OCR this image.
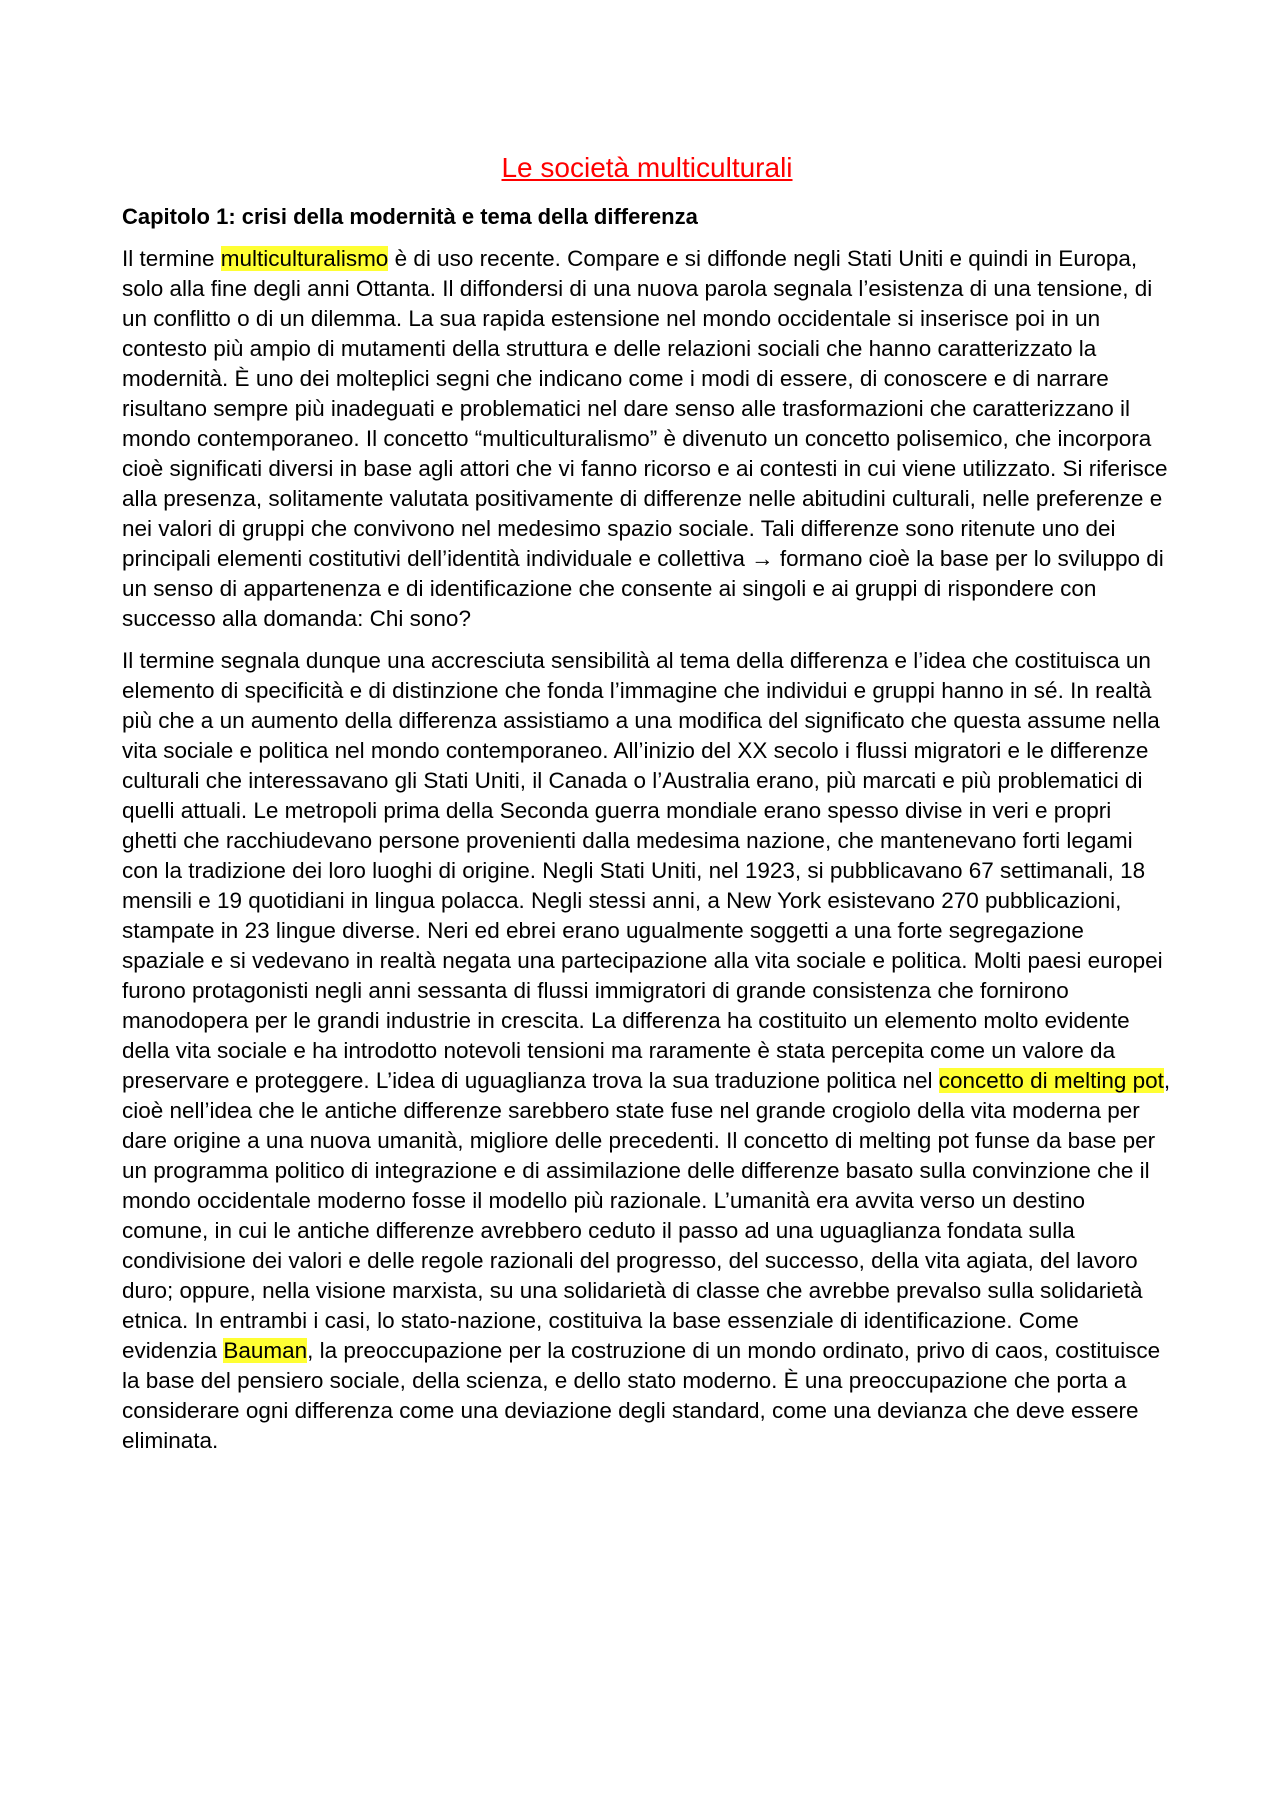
Le società multiculturali
Capitolo 1: crisi della modernità e tema della differenza

Il termine multiculturalismo è di uso recente. Compare e si diffonde negli Stati Uniti e quindi in Europa, solo alla fine degli anni Ottanta. Il diffondersi di una nuova parola segnala l’esistenza di una tensione, di un conflitto o di un dilemma. La sua rapida estensione nel mondo occidentale si inserisce poi in un contesto più ampio di mutamenti della struttura e delle relazioni sociali che hanno caratterizzato la modernità. È uno dei molteplici segni che indicano come i modi di essere, di conoscere e di narrare risultano sempre più inadeguati e problematici nel dare senso alle trasformazioni che caratterizzano il mondo contemporaneo. Il concetto “multiculturalismo” è divenuto un concetto polisemico, che incorpora cioè significati diversi in base agli attori che vi fanno ricorso e ai contesti in cui viene utilizzato. Si riferisce alla presenza, solitamente valutata positivamente di differenze nelle abitudini culturali, nelle preferenze e nei valori di gruppi che convivono nel medesimo spazio sociale. Tali differenze sono ritenute uno dei principali elementi costitutivi dell’identità individuale e collettiva → formano cioè la base per lo sviluppo di un senso di appartenenza e di identificazione che consente ai singoli e ai gruppi di rispondere con successo alla domanda: Chi sono?

Il termine segnala dunque una accresciuta sensibilità al tema della differenza e l’idea che costituisca un elemento di specificità e di distinzione che fonda l’immagine che individui e gruppi hanno in sé. In realtà più che a un aumento della differenza assistiamo a una modifica del significato che questa assume nella vita sociale e politica nel mondo contemporaneo. All’inizio del XX secolo i flussi migratori e le differenze culturali che interessavano gli Stati Uniti, il Canada o l’Australia erano, più marcati e più problematici di quelli attuali. Le metropoli prima della Seconda guerra mondiale erano spesso divise in veri e propri ghetti che racchiudevano persone provenienti dalla medesima nazione, che mantenevano forti legami con la tradizione dei loro luoghi di origine. Negli Stati Uniti, nel 1923, si pubblicavano 67 settimanali, 18 mensili e 19 quotidiani in lingua polacca. Negli stessi anni, a New York esistevano 270 pubblicazioni, stampate in 23 lingue diverse. Neri ed ebrei erano ugualmente soggetti a una forte segregazione spaziale e si vedevano in realtà negata una partecipazione alla vita sociale e politica. Molti paesi europei furono protagonisti negli anni sessanta di flussi immigratori di grande consistenza che fornirono manodopera per le grandi industrie in crescita. La differenza ha costituito un elemento molto evidente della vita sociale e ha introdotto notevoli tensioni ma raramente è stata percepita come un valore da preservare e proteggere. L’idea di uguaglianza trova la sua traduzione politica nel concetto di melting pot, cioè nell’idea che le antiche differenze sarebbero state fuse nel grande crogiolo della vita moderna per dare origine a una nuova umanità, migliore delle precedenti. Il concetto di melting pot funse da base per un programma politico di integrazione e di assimilazione delle differenze basato sulla convinzione che il mondo occidentale moderno fosse il modello più razionale. L’umanità era avvita verso un destino comune, in cui le antiche differenze avrebbero ceduto il passo ad una uguaglianza fondata sulla condivisione dei valori e delle regole razionali del progresso, del successo, della vita agiata, del lavoro duro; oppure, nella visione marxista, su una solidarietà di classe che avrebbe prevalso sulla solidarietà etnica. In entrambi i casi, lo stato-nazione, costituiva la base essenziale di identificazione. Come evidenzia Bauman, la preoccupazione per la costruzione di un mondo ordinato, privo di caos, costituisce la base del pensiero sociale, della scienza, e dello stato moderno. È una preoccupazione che porta a considerare ogni differenza come una deviazione degli standard, come una devianza che deve essere eliminata.
